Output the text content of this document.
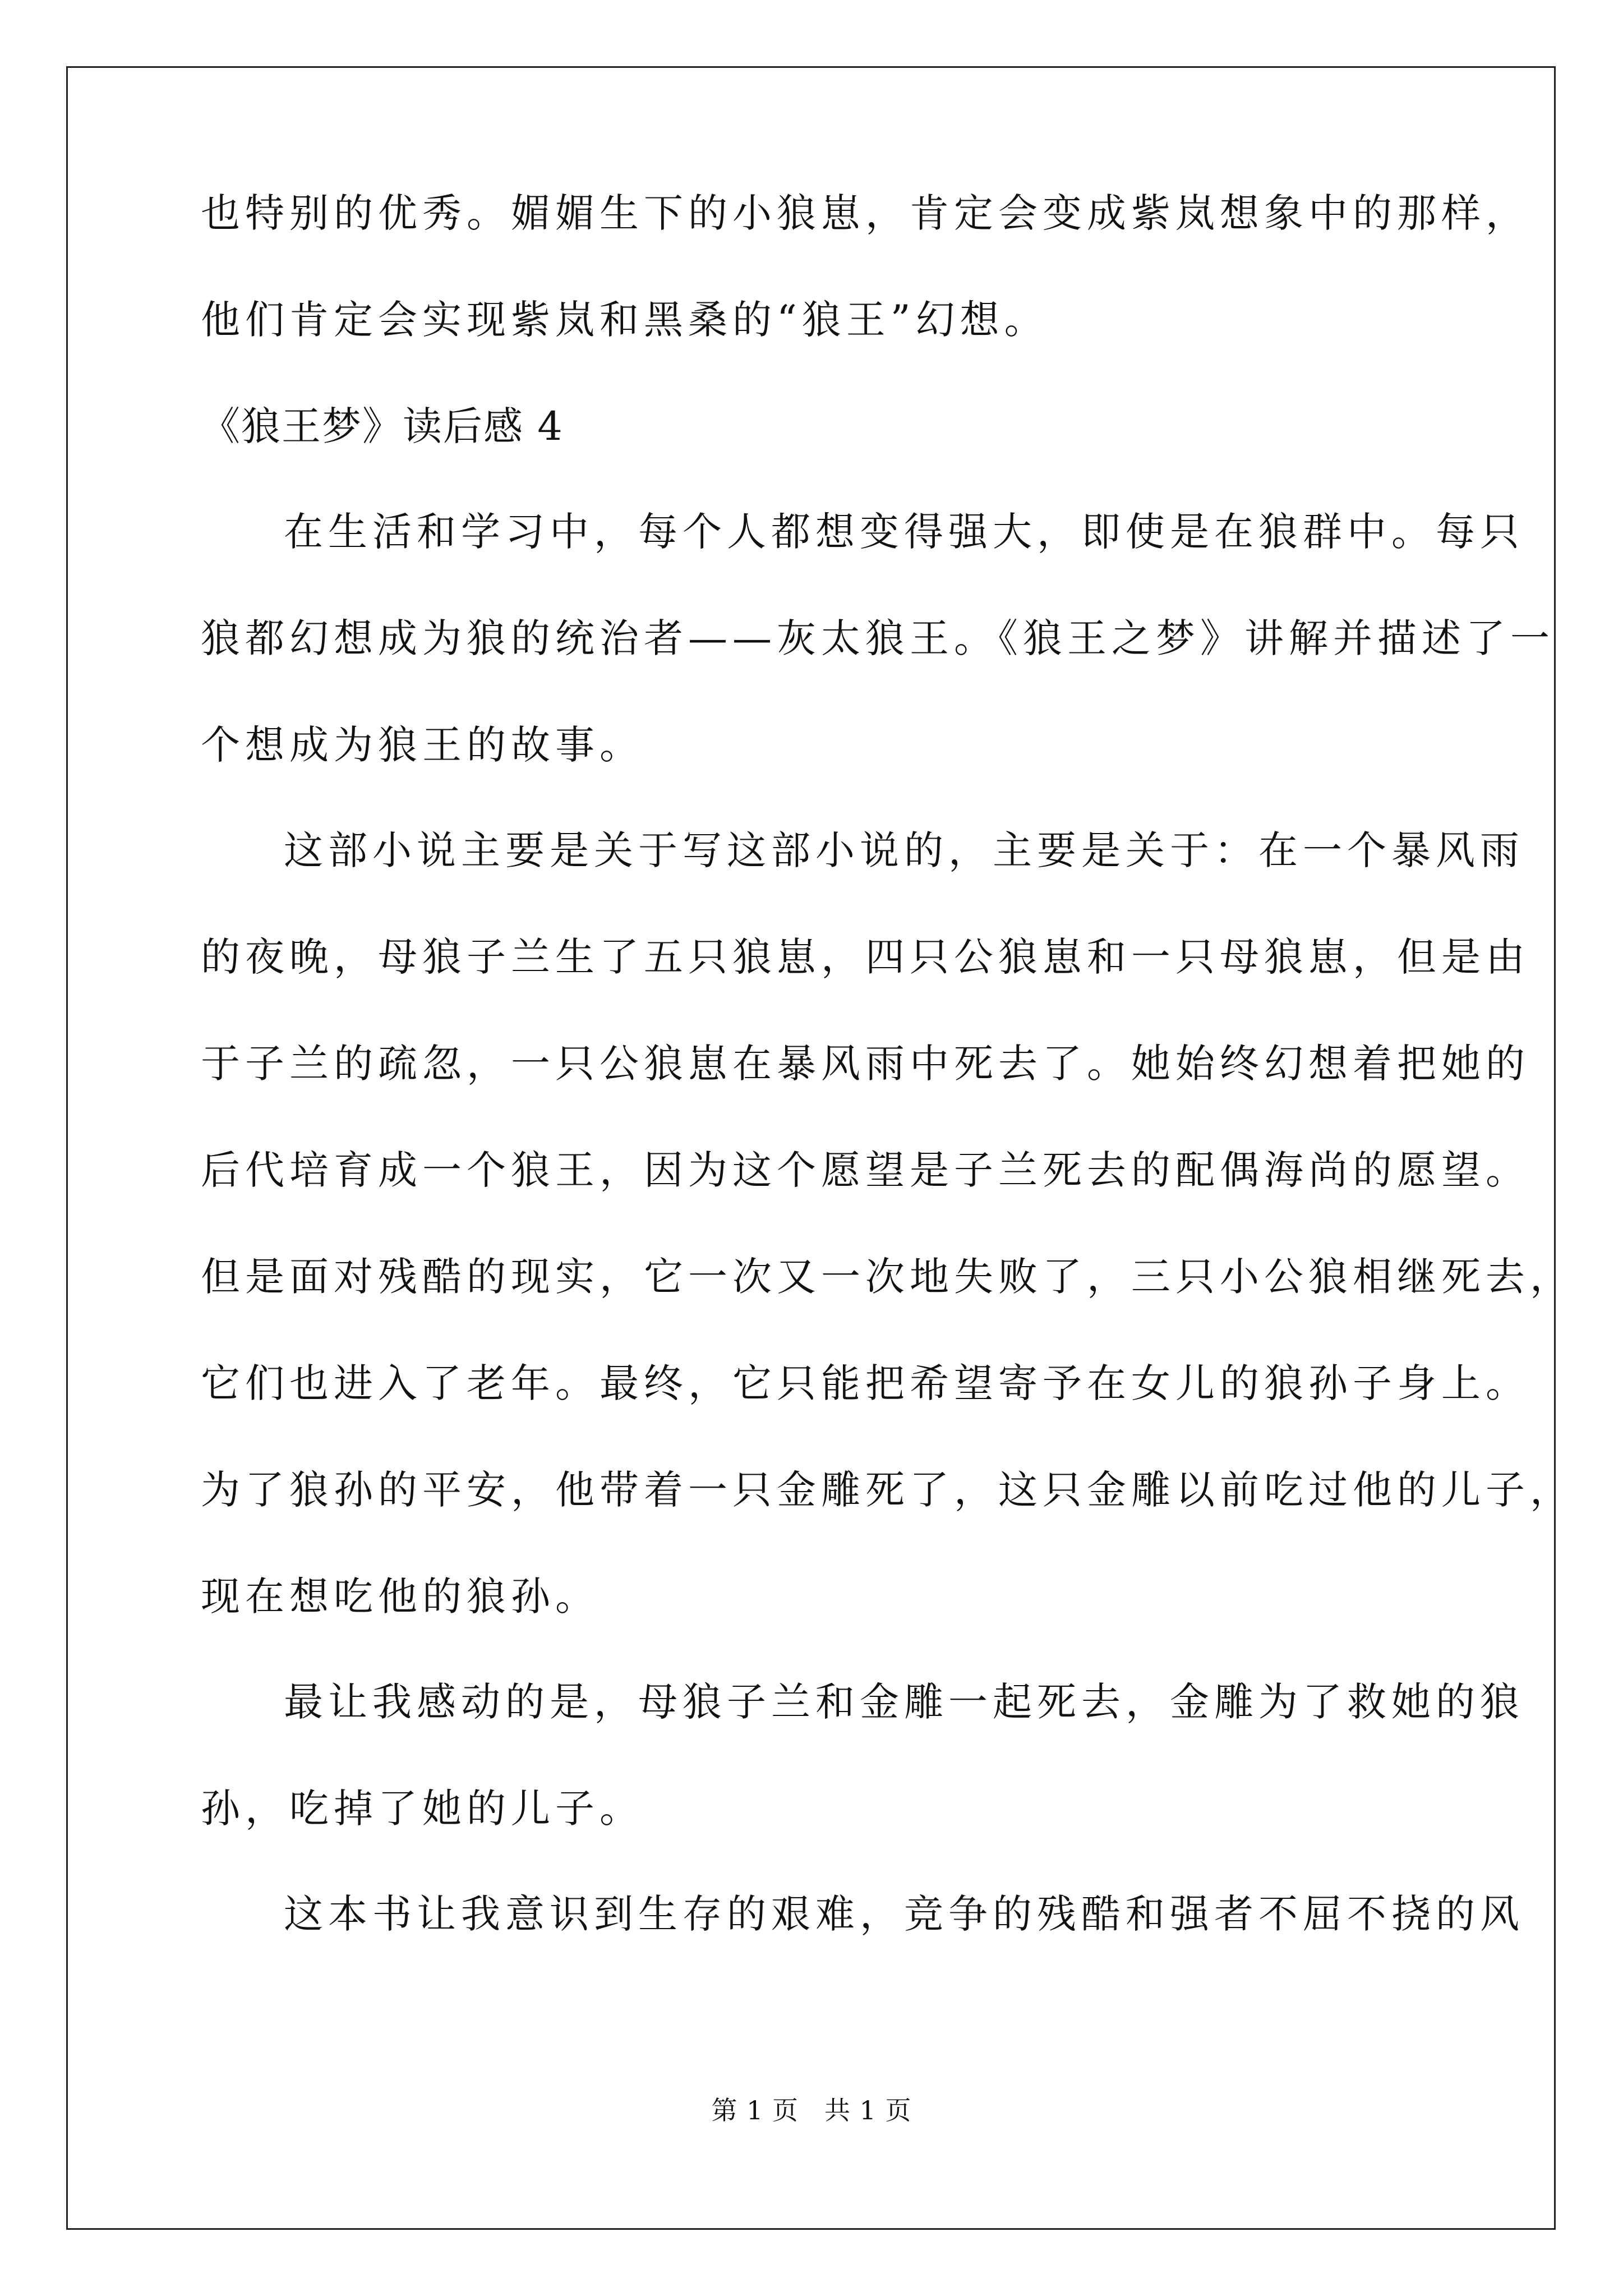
也特别的优秀。媚媚生下的小狼崽，肯定会变成紫岚想象中的那样，
他们肯定会实现紫岚和黑桑的“狼王”幻想。
《狼王梦》读后感 4
在生活和学习中，每个人都想变得强大，即使是在狼群中。每只
狼都幻想成为狼的统治者——灰太狼王。《狼王之梦》讲解并描述了一
个想成为狼王的故事。
这部小说主要是关于写这部小说的，主要是关于：在一个暴风雨
的夜晚，母狼子兰生了五只狼崽，四只公狼崽和一只母狼崽，但是由
于子兰的疏忽，一只公狼崽在暴风雨中死去了。她始终幻想着把她的
后代培育成一个狼王，因为这个愿望是子兰死去的配偶海尚的愿望。
但是面对残酷的现实，它一次又一次地失败了，三只小公狼相继死去，
它们也进入了老年。最终，它只能把希望寄予在女儿的狼孙子身上。
为了狼孙的平安，他带着一只金雕死了，这只金雕以前吃过他的儿子，
现在想吃他的狼孙。
最让我感动的是，母狼子兰和金雕一起死去，金雕为了救她的狼
孙，吃掉了她的儿子。
这本书让我意识到生存的艰难，竞争的残酷和强者不屈不挠的风
第 1 页 共 1 页
